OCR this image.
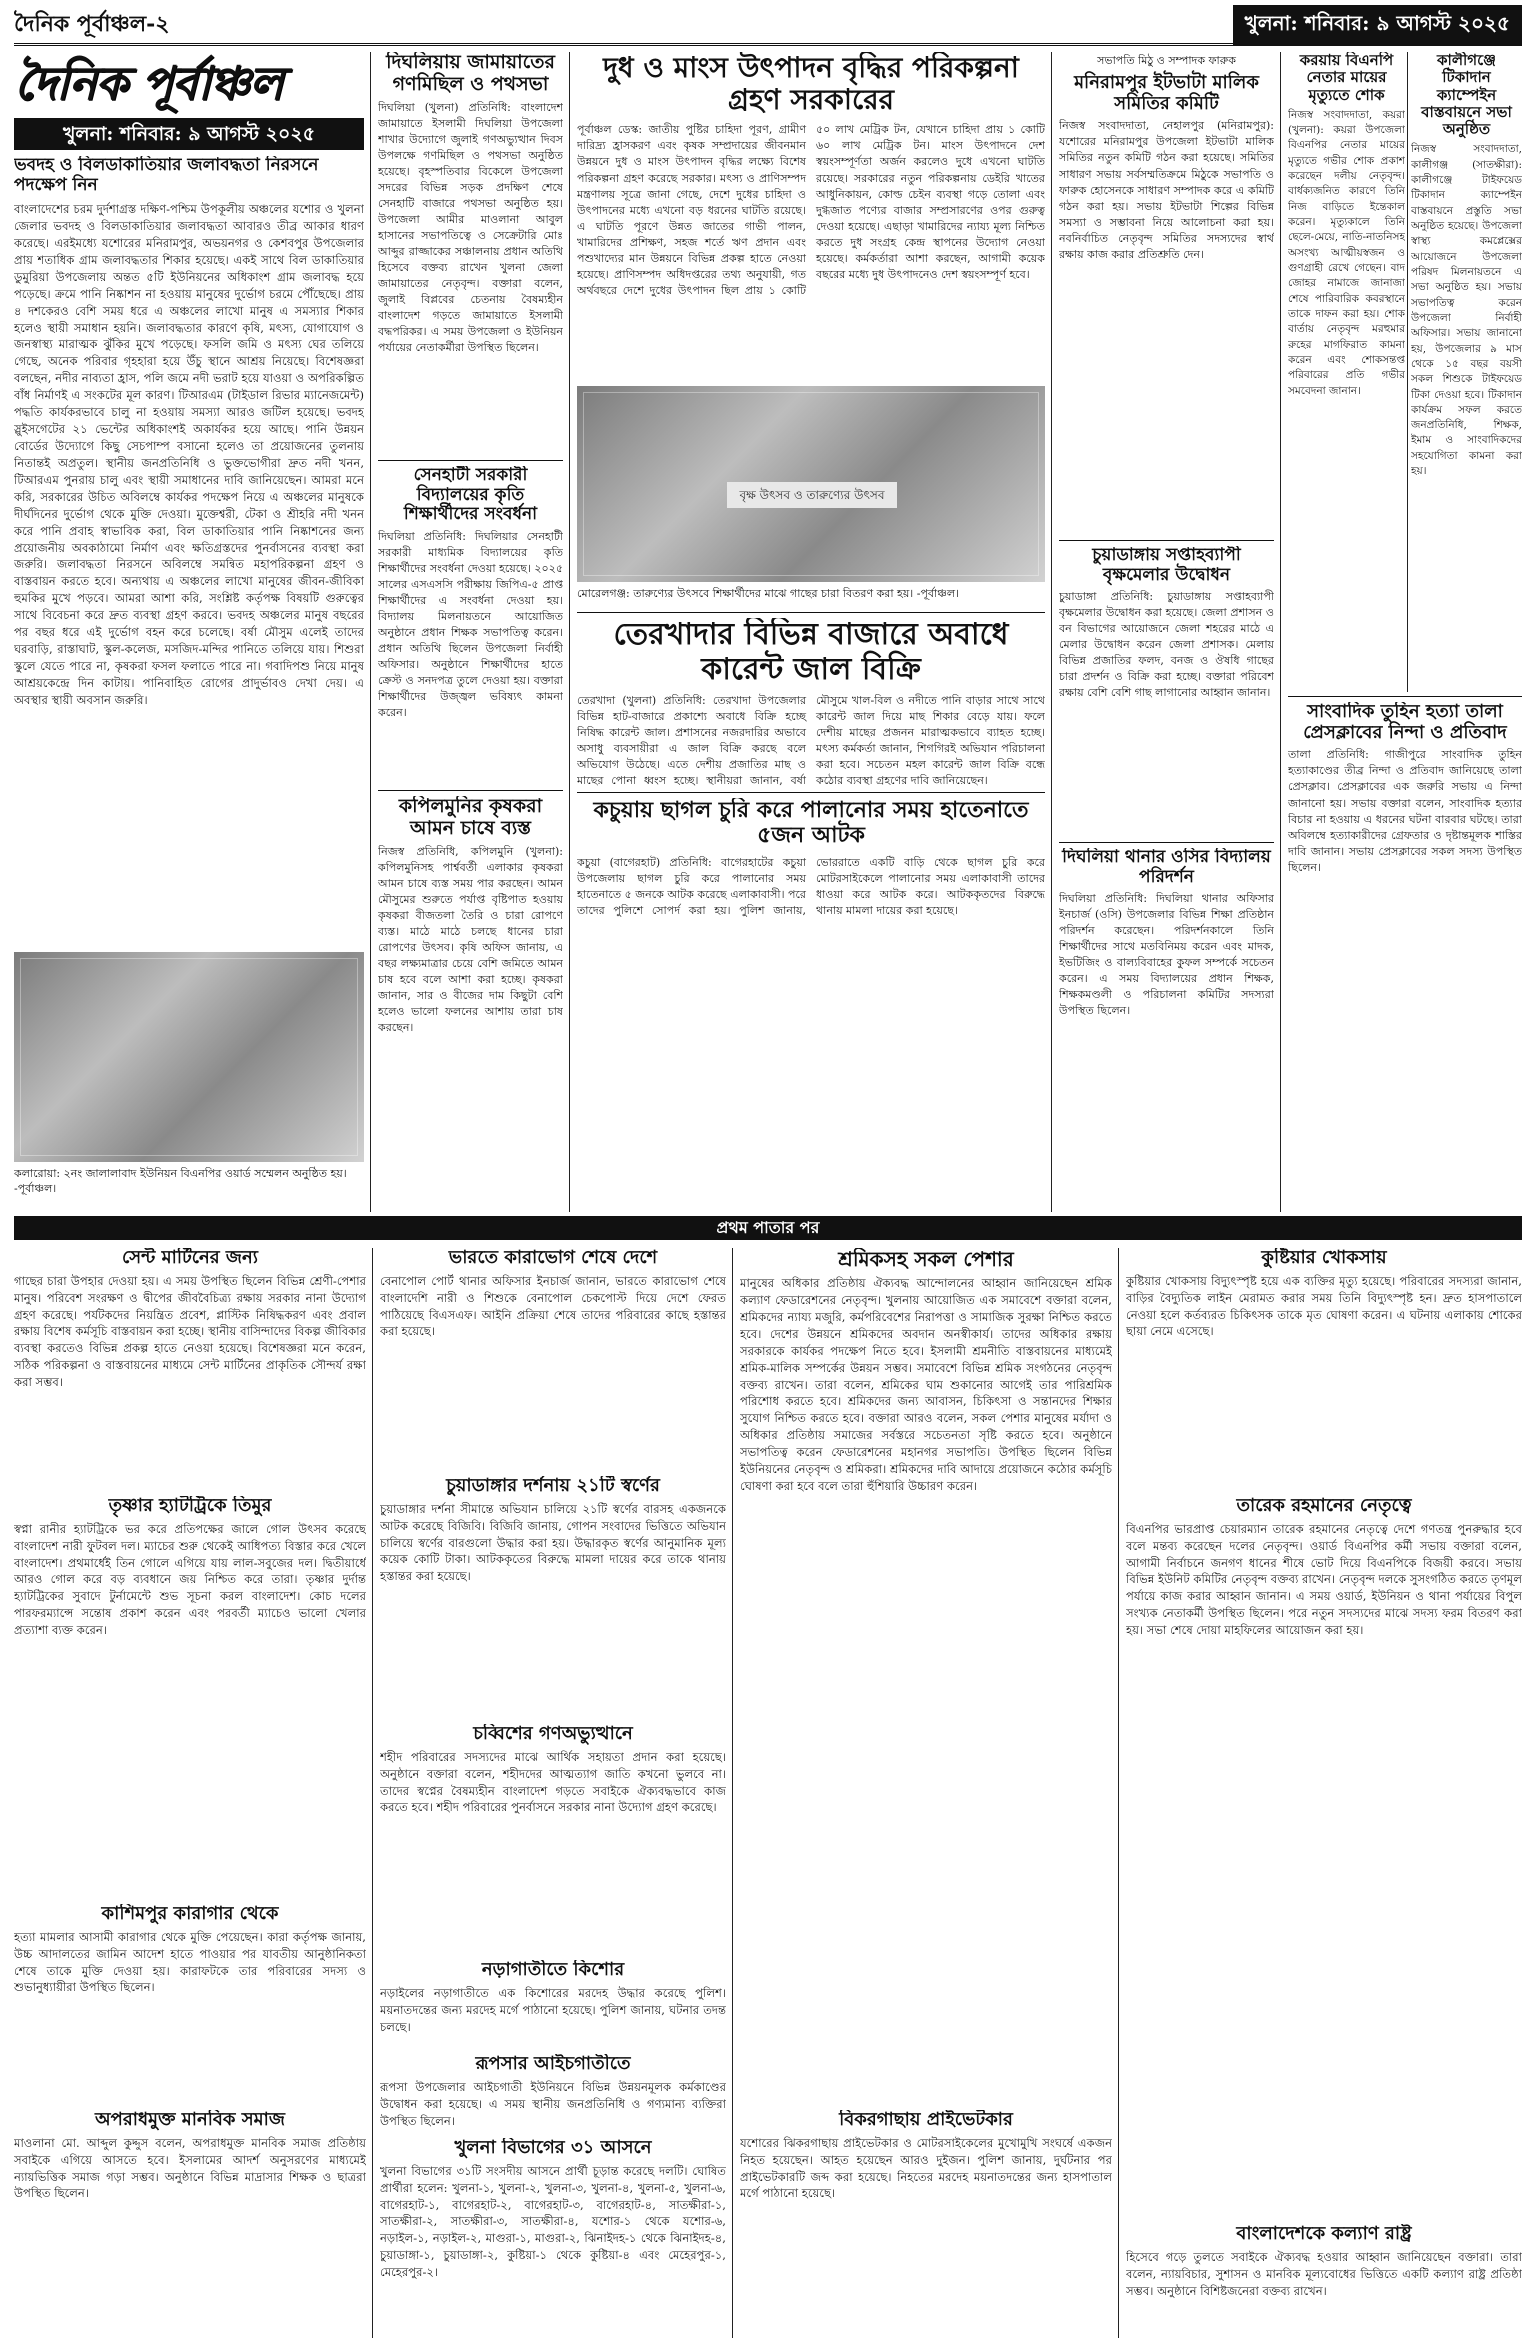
দৈনিক পূর্বাঞ্চল-২	খুলনা: শনিবার: ৯ আগস্ট ২০২৫
দৈনিক পূর্বাঞ্চল
খুলনা: শনিবার: ৯ আগস্ট ২০২৫
ভবদহ ও বিলডাকাতিয়ার জলাবদ্ধতা নিরসনে পদক্ষেপ নিন
বাংলাদেশের চরম দুর্দশাগ্রস্ত দক্ষিণ-পশ্চিম উপকূলীয় অঞ্চলের যশোর ও খুলনা জেলার ভবদহ ও বিলডাকাতিয়ার জলাবদ্ধতা আবারও তীব্র আকার ধারণ করেছে। এরইমধ্যে যশোরের মনিরামপুর, অভয়নগর ও কেশবপুর উপজেলার প্রায় শতাধিক গ্রাম জলাবদ্ধতার শিকার হয়েছে। একই সাথে বিল ডাকাতিয়ার ডুমুরিয়া উপজেলায় অন্তত ৫টি ইউনিয়নের অধিকাংশ গ্রাম জলাবদ্ধ হয়ে পড়েছে। ক্রমে পানি নিষ্কাশন না হওয়ায় মানুষের দুর্ভোগ চরমে পৌঁছেছে। প্রায় ৪ দশকেরও বেশি সময় ধরে এ অঞ্চলের লাখো মানুষ এ সমস্যার শিকার হলেও স্থায়ী সমাধান হয়নি। জলাবদ্ধতার কারণে কৃষি, মৎস্য, যোগাযোগ ও জনস্বাস্থ্য মারাত্মক ঝুঁকির মুখে পড়েছে। ফসলি জমি ও মৎস্য ঘের তলিয়ে গেছে, অনেক পরিবার গৃহহারা হয়ে উঁচু স্থানে আশ্রয় নিয়েছে। বিশেষজ্ঞরা বলছেন, নদীর নাব্যতা হ্রাস, পলি জমে নদী ভরাট হয়ে যাওয়া ও অপরিকল্পিত বাঁধ নির্মাণই এ সংকটের মূল কারণ। টিআরএম (টাইডাল রিভার ম্যানেজমেন্ট) পদ্ধতি কার্যকরভাবে চালু না হওয়ায় সমস্যা আরও জটিল হয়েছে। ভবদহ স্লুইসগেটের ২১ ভেন্টের অধিকাংশই অকার্যকর হয়ে আছে। পানি উন্নয়ন বোর্ডের উদ্যোগে কিছু সেচপাম্প বসানো হলেও তা প্রয়োজনের তুলনায় নিতান্তই অপ্রতুল। স্থানীয় জনপ্রতিনিধি ও ভুক্তভোগীরা দ্রুত নদী খনন, টিআরএম পুনরায় চালু এবং স্থায়ী সমাধানের দাবি জানিয়েছেন। আমরা মনে করি, সরকারের উচিত অবিলম্বে কার্যকর পদক্ষেপ নিয়ে এ অঞ্চলের মানুষকে দীর্ঘদিনের দুর্ভোগ থেকে মুক্তি দেওয়া। মুক্তেশ্বরী, টেকা ও শ্রীহরি নদী খনন করে পানি প্রবাহ স্বাভাবিক করা, বিল ডাকাতিয়ার পানি নিষ্কাশনের জন্য প্রয়োজনীয় অবকাঠামো নির্মাণ এবং ক্ষতিগ্রস্তদের পুনর্বাসনের ব্যবস্থা করা জরুরি। জলাবদ্ধতা নিরসনে অবিলম্বে সমন্বিত মহাপরিকল্পনা গ্রহণ ও বাস্তবায়ন করতে হবে। অন্যথায় এ অঞ্চলের লাখো মানুষের জীবন-জীবিকা হুমকির মুখে পড়বে। আমরা আশা করি, সংশ্লিষ্ট কর্তৃপক্ষ বিষয়টি গুরুত্বের সাথে বিবেচনা করে দ্রুত ব্যবস্থা গ্রহণ করবে। ভবদহ অঞ্চলের মানুষ বছরের পর বছর ধরে এই দুর্ভোগ বহন করে চলেছে। বর্ষা মৌসুম এলেই তাদের ঘরবাড়ি, রাস্তাঘাট, স্কুল-কলেজ, মসজিদ-মন্দির পানিতে তলিয়ে যায়। শিশুরা স্কুলে যেতে পারে না, কৃষকরা ফসল ফলাতে পারে না। গবাদিপশু নিয়ে মানুষ আশ্রয়কেন্দ্রে দিন কাটায়। পানিবাহিত রোগের প্রাদুর্ভাবও দেখা দেয়। এ অবস্থার স্থায়ী অবসান জরুরি।
কলারোয়া: ২নং জালালাবাদ ইউনিয়ন বিএনপির ওয়ার্ড সম্মেলন অনুষ্ঠিত হয়। -পূর্বাঞ্চল।
দিঘলিয়ায় জামায়াতের গণমিছিল ও পথসভা
দিঘলিয়া (খুলনা) প্রতিনিধি: বাংলাদেশ জামায়াতে ইসলামী দিঘলিয়া উপজেলা শাখার উদ্যোগে জুলাই গণঅভ্যুত্থান দিবস উপলক্ষে গণমিছিল ও পথসভা অনুষ্ঠিত হয়েছে। বৃহস্পতিবার বিকেলে উপজেলা সদরের বিভিন্ন সড়ক প্রদক্ষিণ শেষে সেনহাটি বাজারে পথসভা অনুষ্ঠিত হয়। উপজেলা আমীর মাওলানা আবুল হাসানের সভাপতিত্বে ও সেক্রেটারি মোঃ আব্দুর রাজ্জাকের সঞ্চালনায় প্রধান অতিথি হিসেবে বক্তব্য রাখেন খুলনা জেলা জামায়াতের নেতৃবৃন্দ। বক্তারা বলেন, জুলাই বিপ্লবের চেতনায় বৈষম্যহীন বাংলাদেশ গড়তে জামায়াতে ইসলামী বদ্ধপরিকর। এ সময় উপজেলা ও ইউনিয়ন পর্যায়ের নেতাকর্মীরা উপস্থিত ছিলেন।
সেনহাটী সরকারী বিদ্যালয়ের কৃতি শিক্ষার্থীদের সংবর্ধনা
দিঘলিয়া প্রতিনিধি: দিঘলিয়ার সেনহাটী সরকারী মাধ্যমিক বিদ্যালয়ের কৃতি শিক্ষার্থীদের সংবর্ধনা দেওয়া হয়েছে। ২০২৫ সালের এসএসসি পরীক্ষায় জিপিএ-৫ প্রাপ্ত শিক্ষার্থীদের এ সংবর্ধনা দেওয়া হয়। বিদ্যালয় মিলনায়তনে আয়োজিত অনুষ্ঠানে প্রধান শিক্ষক সভাপতিত্ব করেন। প্রধান অতিথি ছিলেন উপজেলা নির্বাহী অফিসার। অনুষ্ঠানে শিক্ষার্থীদের হাতে ক্রেস্ট ও সনদপত্র তুলে দেওয়া হয়। বক্তারা শিক্ষার্থীদের উজ্জ্বল ভবিষ্যৎ কামনা করেন।
কপিলমুনির কৃষকরা আমন চাষে ব্যস্ত
নিজস্ব প্রতিনিধি, কপিলমুনি (খুলনা): কপিলমুনিসহ পার্শ্ববর্তী এলাকার কৃষকরা আমন চাষে ব্যস্ত সময় পার করছেন। আমন মৌসুমের শুরুতে পর্যাপ্ত বৃষ্টিপাত হওয়ায় কৃষকরা বীজতলা তৈরি ও চারা রোপণে ব্যস্ত। মাঠে মাঠে চলছে ধানের চারা রোপণের উৎসব। কৃষি অফিস জানায়, এ বছর লক্ষ্যমাত্রার চেয়ে বেশি জমিতে আমন চাষ হবে বলে আশা করা হচ্ছে। কৃষকরা জানান, সার ও বীজের দাম কিছুটা বেশি হলেও ভালো ফলনের আশায় তারা চাষ করছেন।
দুধ ও মাংস উৎপাদন বৃদ্ধির পরিকল্পনা গ্রহণ সরকারের
পূর্বাঞ্চল ডেস্ক: জাতীয় পুষ্টির চাহিদা পূরণ, গ্রামীণ দারিদ্র্য হ্রাসকরণ এবং কৃষক সম্প্রদায়ের জীবনমান উন্নয়নে দুধ ও মাংস উৎপাদন বৃদ্ধির লক্ষ্যে বিশেষ পরিকল্পনা গ্রহণ করেছে সরকার। মৎস্য ও প্রাণিসম্পদ মন্ত্রণালয় সূত্রে জানা গেছে, দেশে দুধের চাহিদা ও উৎপাদনের মধ্যে এখনো বড় ধরনের ঘাটতি রয়েছে। এ ঘাটতি পূরণে উন্নত জাতের গাভী পালন, খামারিদের প্রশিক্ষণ, সহজ শর্তে ঋণ প্রদান এবং পশুখাদ্যের মান উন্নয়নে বিভিন্ন প্রকল্প হাতে নেওয়া হয়েছে। প্রাণিসম্পদ অধিদপ্তরের তথ্য অনুযায়ী, গত অর্থবছরে দেশে দুধের উৎপাদন ছিল প্রায় ১ কোটি ৫০ লাখ মেট্রিক টন, যেখানে চাহিদা প্রায় ১ কোটি ৬০ লাখ মেট্রিক টন। মাংস উৎপাদনে দেশ স্বয়ংসম্পূর্ণতা অর্জন করলেও দুধে এখনো ঘাটতি রয়েছে। সরকারের নতুন পরিকল্পনায় ডেইরি খাতের আধুনিকায়ন, কোল্ড চেইন ব্যবস্থা গড়ে তোলা এবং দুগ্ধজাত পণ্যের বাজার সম্প্রসারণের ওপর গুরুত্ব দেওয়া হয়েছে। এছাড়া খামারিদের ন্যায্য মূল্য নিশ্চিত করতে দুধ সংগ্রহ কেন্দ্র স্থাপনের উদ্যোগ নেওয়া হয়েছে। কর্মকর্তারা আশা করছেন, আগামী কয়েক বছরের মধ্যে দুধ উৎপাদনেও দেশ স্বয়ংসম্পূর্ণ হবে।
বৃক্ষ উৎসব ও তারুণ্যের উৎসব
মোরেলগঞ্জ: তারুণ্যের উৎসবে শিক্ষার্থীদের মাঝে গাছের চারা বিতরণ করা হয়। -পূর্বাঞ্চল।
তেরখাদার বিভিন্ন বাজারে অবাধে কারেন্ট জাল বিক্রি
তেরখাদা (খুলনা) প্রতিনিধি: তেরখাদা উপজেলার বিভিন্ন হাট-বাজারে প্রকাশ্যে অবাধে বিক্রি হচ্ছে নিষিদ্ধ কারেন্ট জাল। প্রশাসনের নজরদারির অভাবে অসাধু ব্যবসায়ীরা এ জাল বিক্রি করছে বলে অভিযোগ উঠেছে। এতে দেশীয় প্রজাতির মাছ ও মাছের পোনা ধ্বংস হচ্ছে। স্থানীয়রা জানান, বর্ষা মৌসুমে খাল-বিল ও নদীতে পানি বাড়ার সাথে সাথে কারেন্ট জাল দিয়ে মাছ শিকার বেড়ে যায়। ফলে দেশীয় মাছের প্রজনন মারাত্মকভাবে ব্যাহত হচ্ছে। মৎস্য কর্মকর্তা জানান, শিগগিরই অভিযান পরিচালনা করা হবে। সচেতন মহল কারেন্ট জাল বিক্রি বন্ধে কঠোর ব্যবস্থা গ্রহণের দাবি জানিয়েছেন।
কচুয়ায় ছাগল চুরি করে পালানোর সময় হাতেনাতে ৫জন আটক
কচুয়া (বাগেরহাট) প্রতিনিধি: বাগেরহাটের কচুয়া উপজেলায় ছাগল চুরি করে পালানোর সময় হাতেনাতে ৫ জনকে আটক করেছে এলাকাবাসী। পরে তাদের পুলিশে সোপর্দ করা হয়। পুলিশ জানায়, ভোররাতে একটি বাড়ি থেকে ছাগল চুরি করে মোটরসাইকেলে পালানোর সময় এলাকাবাসী তাদের ধাওয়া করে আটক করে। আটককৃতদের বিরুদ্ধে থানায় মামলা দায়ের করা হয়েছে।
সভাপতি মিঠু ও সম্পাদক ফারুক
মনিরামপুর ইটভাটা মালিক সমিতির কমিটি
নিজস্ব সংবাদদাতা, নেহালপুর (মনিরামপুর): যশোরের মনিরামপুর উপজেলা ইটভাটা মালিক সমিতির নতুন কমিটি গঠন করা হয়েছে। সমিতির সাধারণ সভায় সর্বসম্মতিক্রমে মিঠুকে সভাপতি ও ফারুক হোসেনকে সাধারণ সম্পাদক করে এ কমিটি গঠন করা হয়। সভায় ইটভাটা শিল্পের বিভিন্ন সমস্যা ও সম্ভাবনা নিয়ে আলোচনা করা হয়। নবনির্বাচিত নেতৃবৃন্দ সমিতির সদস্যদের স্বার্থ রক্ষায় কাজ করার প্রতিশ্রুতি দেন।
চুয়াডাঙ্গায় সপ্তাহব্যাপী বৃক্ষমেলার উদ্বোধন
চুয়াডাঙ্গা প্রতিনিধি: চুয়াডাঙ্গায় সপ্তাহব্যাপী বৃক্ষমেলার উদ্বোধন করা হয়েছে। জেলা প্রশাসন ও বন বিভাগের আয়োজনে জেলা শহরের মাঠে এ মেলার উদ্বোধন করেন জেলা প্রশাসক। মেলায় বিভিন্ন প্রজাতির ফলদ, বনজ ও ঔষধি গাছের চারা প্রদর্শন ও বিক্রি করা হচ্ছে। বক্তারা পরিবেশ রক্ষায় বেশি বেশি গাছ লাগানোর আহ্বান জানান।
দিঘলিয়া থানার ওসির বিদ্যালয় পরিদর্শন
দিঘলিয়া প্রতিনিধি: দিঘলিয়া থানার অফিসার ইনচার্জ (ওসি) উপজেলার বিভিন্ন শিক্ষা প্রতিষ্ঠান পরিদর্শন করেছেন। পরিদর্শনকালে তিনি শিক্ষার্থীদের সাথে মতবিনিময় করেন এবং মাদক, ইভটিজিং ও বাল্যবিবাহের কুফল সম্পর্কে সচেতন করেন। এ সময় বিদ্যালয়ের প্রধান শিক্ষক, শিক্ষকমণ্ডলী ও পরিচালনা কমিটির সদস্যরা উপস্থিত ছিলেন।
করয়ায় বিএনপি নেতার মায়ের মৃত্যুতে শোক
নিজস্ব সংবাদদাতা, কয়রা (খুলনা): কয়রা উপজেলা বিএনপির নেতার মায়ের মৃত্যুতে গভীর শোক প্রকাশ করেছেন দলীয় নেতৃবৃন্দ। বার্ধক্যজনিত কারণে তিনি নিজ বাড়িতে ইন্তেকাল করেন। মৃত্যুকালে তিনি ছেলে-মেয়ে, নাতি-নাতনিসহ অসংখ্য আত্মীয়স্বজন ও গুণগ্রাহী রেখে গেছেন। বাদ জোহর নামাজে জানাজা শেষে পারিবারিক কবরস্থানে তাকে দাফন করা হয়। শোক বার্তায় নেতৃবৃন্দ মরহুমার রুহের মাগফিরাত কামনা করেন এবং শোকসন্তপ্ত পরিবারের প্রতি গভীর সমবেদনা জানান।
কালীগঞ্জে টিকাদান ক্যাম্পেইন বাস্তবায়নে সভা অনুষ্ঠিত
নিজস্ব সংবাদদাতা, কালীগঞ্জ (সাতক্ষীরা): কালীগঞ্জে টাইফয়েড টিকাদান ক্যাম্পেইন বাস্তবায়নে প্রস্তুতি সভা অনুষ্ঠিত হয়েছে। উপজেলা স্বাস্থ্য কমপ্লেক্সের আয়োজনে উপজেলা পরিষদ মিলনায়তনে এ সভা অনুষ্ঠিত হয়। সভায় সভাপতিত্ব করেন উপজেলা নির্বাহী অফিসার। সভায় জানানো হয়, উপজেলার ৯ মাস থেকে ১৫ বছর বয়সী সকল শিশুকে টাইফয়েড টিকা দেওয়া হবে। টিকাদান কার্যক্রম সফল করতে জনপ্রতিনিধি, শিক্ষক, ইমাম ও সাংবাদিকদের সহযোগিতা কামনা করা হয়।
সাংবাদিক তুহিন হত্যা তালা প্রেসক্লাবের নিন্দা ও প্রতিবাদ
তালা প্রতিনিধি: গাজীপুরে সাংবাদিক তুহিন হত্যাকাণ্ডের তীব্র নিন্দা ও প্রতিবাদ জানিয়েছে তালা প্রেসক্লাব। প্রেসক্লাবের এক জরুরি সভায় এ নিন্দা জানানো হয়। সভায় বক্তারা বলেন, সাংবাদিক হত্যার বিচার না হওয়ায় এ ধরনের ঘটনা বারবার ঘটছে। তারা অবিলম্বে হত্যাকারীদের গ্রেফতার ও দৃষ্টান্তমূলক শাস্তির দাবি জানান। সভায় প্রেসক্লাবের সকল সদস্য উপস্থিত ছিলেন।
প্রথম পাতার পর
সেন্ট মার্টিনের জন্য
গাছের চারা উপহার দেওয়া হয়। এ সময় উপস্থিত ছিলেন বিভিন্ন শ্রেণী-পেশার মানুষ। পরিবেশ সংরক্ষণ ও দ্বীপের জীববৈচিত্র্য রক্ষায় সরকার নানা উদ্যোগ গ্রহণ করেছে। পর্যটকদের নিয়ন্ত্রিত প্রবেশ, প্লাস্টিক নিষিদ্ধকরণ এবং প্রবাল রক্ষায় বিশেষ কর্মসূচি বাস্তবায়ন করা হচ্ছে। স্থানীয় বাসিন্দাদের বিকল্প জীবিকার ব্যবস্থা করতেও বিভিন্ন প্রকল্প হাতে নেওয়া হয়েছে। বিশেষজ্ঞরা মনে করেন, সঠিক পরিকল্পনা ও বাস্তবায়নের মাধ্যমে সেন্ট মার্টিনের প্রাকৃতিক সৌন্দর্য রক্ষা করা সম্ভব।
তৃষ্ণার হ্যাটট্রিকে তিমুর
স্বপ্না রানীর হ্যাটট্রিকে ভর করে প্রতিপক্ষের জালে গোল উৎসব করেছে বাংলাদেশ নারী ফুটবল দল। ম্যাচের শুরু থেকেই আধিপত্য বিস্তার করে খেলে বাংলাদেশ। প্রথমার্ধেই তিন গোলে এগিয়ে যায় লাল-সবুজের দল। দ্বিতীয়ার্ধে আরও গোল করে বড় ব্যবধানে জয় নিশ্চিত করে তারা। তৃষ্ণার দুর্দান্ত হ্যাটট্রিকের সুবাদে টুর্নামেন্টে শুভ সূচনা করল বাংলাদেশ। কোচ দলের পারফরম্যান্সে সন্তোষ প্রকাশ করেন এবং পরবর্তী ম্যাচেও ভালো খেলার প্রত্যাশা ব্যক্ত করেন।
কাশিমপুর কারাগার থেকে
হত্যা মামলার আসামী কারাগার থেকে মুক্তি পেয়েছেন। কারা কর্তৃপক্ষ জানায়, উচ্চ আদালতের জামিন আদেশ হাতে পাওয়ার পর যাবতীয় আনুষ্ঠানিকতা শেষে তাকে মুক্তি দেওয়া হয়। কারাফটকে তার পরিবারের সদস্য ও শুভানুধ্যায়ীরা উপস্থিত ছিলেন।
অপরাধমুক্ত মানবিক সমাজ
মাওলানা মো. আব্দুল কুদ্দুস বলেন, অপরাধমুক্ত মানবিক সমাজ প্রতিষ্ঠায় সবাইকে এগিয়ে আসতে হবে। ইসলামের আদর্শ অনুসরণের মাধ্যমেই ন্যায়ভিত্তিক সমাজ গড়া সম্ভব। অনুষ্ঠানে বিভিন্ন মাদ্রাসার শিক্ষক ও ছাত্ররা উপস্থিত ছিলেন।
ভারতে কারাভোগ শেষে দেশে
বেনাপোল পোর্ট থানার অফিসার ইনচার্জ জানান, ভারতে কারাভোগ শেষে বাংলাদেশি নারী ও শিশুকে বেনাপোল চেকপোস্ট দিয়ে দেশে ফেরত পাঠিয়েছে বিএসএফ। আইনি প্রক্রিয়া শেষে তাদের পরিবারের কাছে হস্তান্তর করা হয়েছে।
চুয়াডাঙ্গার দর্শনায় ২১টি স্বর্ণের
চুয়াডাঙ্গার দর্শনা সীমান্তে অভিযান চালিয়ে ২১টি স্বর্ণের বারসহ একজনকে আটক করেছে বিজিবি। বিজিবি জানায়, গোপন সংবাদের ভিত্তিতে অভিযান চালিয়ে স্বর্ণের বারগুলো উদ্ধার করা হয়। উদ্ধারকৃত স্বর্ণের আনুমানিক মূল্য কয়েক কোটি টাকা। আটককৃতের বিরুদ্ধে মামলা দায়ের করে তাকে থানায় হস্তান্তর করা হয়েছে।
চব্বিশের গণঅভ্যুত্থানে
শহীদ পরিবারের সদস্যদের মাঝে আর্থিক সহায়তা প্রদান করা হয়েছে। অনুষ্ঠানে বক্তারা বলেন, শহীদদের আত্মত্যাগ জাতি কখনো ভুলবে না। তাদের স্বপ্নের বৈষম্যহীন বাংলাদেশ গড়তে সবাইকে ঐক্যবদ্ধভাবে কাজ করতে হবে। শহীদ পরিবারের পুনর্বাসনে সরকার নানা উদ্যোগ গ্রহণ করেছে।
নড়াগাতীতে কিশোর
নড়াইলের নড়াগাতীতে এক কিশোরের মরদেহ উদ্ধার করেছে পুলিশ। ময়নাতদন্তের জন্য মরদেহ মর্গে পাঠানো হয়েছে। পুলিশ জানায়, ঘটনার তদন্ত চলছে।
রূপসার আইচগাতীতে
রূপসা উপজেলার আইচগাতী ইউনিয়নে বিভিন্ন উন্নয়নমূলক কর্মকাণ্ডের উদ্বোধন করা হয়েছে। এ সময় স্থানীয় জনপ্রতিনিধি ও গণ্যমান্য ব্যক্তিরা উপস্থিত ছিলেন।
খুলনা বিভাগের ৩১ আসনে
খুলনা বিভাগের ৩১টি সংসদীয় আসনে প্রার্থী চূড়ান্ত করেছে দলটি। ঘোষিত প্রার্থীরা হলেন: খুলনা-১, খুলনা-২, খুলনা-৩, খুলনা-৪, খুলনা-৫, খুলনা-৬, বাগেরহাট-১, বাগেরহাট-২, বাগেরহাট-৩, বাগেরহাট-৪, সাতক্ষীরা-১, সাতক্ষীরা-২, সাতক্ষীরা-৩, সাতক্ষীরা-৪, যশোর-১ থেকে যশোর-৬, নড়াইল-১, নড়াইল-২, মাগুরা-১, মাগুরা-২, ঝিনাইদহ-১ থেকে ঝিনাইদহ-৪, চুয়াডাঙ্গা-১, চুয়াডাঙ্গা-২, কুষ্টিয়া-১ থেকে কুষ্টিয়া-৪ এবং মেহেরপুর-১, মেহেরপুর-২।
বিকরগাছায় প্রাইভেটকার
যশোরের ঝিকরগাছায় প্রাইভেটকার ও মোটরসাইকেলের মুখোমুখি সংঘর্ষে একজন নিহত হয়েছেন। আহত হয়েছেন আরও দুইজন। পুলিশ জানায়, দুর্ঘটনার পর প্রাইভেটকারটি জব্দ করা হয়েছে। নিহতের মরদেহ ময়নাতদন্তের জন্য হাসপাতাল মর্গে পাঠানো হয়েছে।
শ্রমিকসহ সকল পেশার
মানুষের অধিকার প্রতিষ্ঠায় ঐক্যবদ্ধ আন্দোলনের আহ্বান জানিয়েছেন শ্রমিক কল্যাণ ফেডারেশনের নেতৃবৃন্দ। খুলনায় আয়োজিত এক সমাবেশে বক্তারা বলেন, শ্রমিকদের ন্যায্য মজুরি, কর্মপরিবেশের নিরাপত্তা ও সামাজিক সুরক্ষা নিশ্চিত করতে হবে। দেশের উন্নয়নে শ্রমিকদের অবদান অনস্বীকার্য। তাদের অধিকার রক্ষায় সরকারকে কার্যকর পদক্ষেপ নিতে হবে। ইসলামী শ্রমনীতি বাস্তবায়নের মাধ্যমেই শ্রমিক-মালিক সম্পর্কের উন্নয়ন সম্ভব। সমাবেশে বিভিন্ন শ্রমিক সংগঠনের নেতৃবৃন্দ বক্তব্য রাখেন। তারা বলেন, শ্রমিকের ঘাম শুকানোর আগেই তার পারিশ্রমিক পরিশোধ করতে হবে। শ্রমিকদের জন্য আবাসন, চিকিৎসা ও সন্তানদের শিক্ষার সুযোগ নিশ্চিত করতে হবে। বক্তারা আরও বলেন, সকল পেশার মানুষের মর্যাদা ও অধিকার প্রতিষ্ঠায় সমাজের সর্বস্তরে সচেতনতা সৃষ্টি করতে হবে। অনুষ্ঠানে সভাপতিত্ব করেন ফেডারেশনের মহানগর সভাপতি। উপস্থিত ছিলেন বিভিন্ন ইউনিয়নের নেতৃবৃন্দ ও শ্রমিকরা। শ্রমিকদের দাবি আদায়ে প্রয়োজনে কঠোর কর্মসূচি ঘোষণা করা হবে বলে তারা হুঁশিয়ারি উচ্চারণ করেন।
কুষ্টিয়ার খোকসায়
কুষ্টিয়ার খোকসায় বিদ্যুৎস্পৃষ্ট হয়ে এক ব্যক্তির মৃত্যু হয়েছে। পরিবারের সদস্যরা জানান, বাড়ির বৈদ্যুতিক লাইন মেরামত করার সময় তিনি বিদ্যুৎস্পৃষ্ট হন। দ্রুত হাসপাতালে নেওয়া হলে কর্তব্যরত চিকিৎসক তাকে মৃত ঘোষণা করেন। এ ঘটনায় এলাকায় শোকের ছায়া নেমে এসেছে।
তারেক রহমানের নেতৃত্বে
বিএনপির ভারপ্রাপ্ত চেয়ারম্যান তারেক রহমানের নেতৃত্বে দেশে গণতন্ত্র পুনরুদ্ধার হবে বলে মন্তব্য করেছেন দলের নেতৃবৃন্দ। ওয়ার্ড বিএনপির কর্মী সভায় বক্তারা বলেন, আগামী নির্বাচনে জনগণ ধানের শীষে ভোট দিয়ে বিএনপিকে বিজয়ী করবে। সভায় বিভিন্ন ইউনিট কমিটির নেতৃবৃন্দ বক্তব্য রাখেন। নেতৃবৃন্দ দলকে সুসংগঠিত করতে তৃণমূল পর্যায়ে কাজ করার আহ্বান জানান। এ সময় ওয়ার্ড, ইউনিয়ন ও থানা পর্যায়ের বিপুল সংখ্যক নেতাকর্মী উপস্থিত ছিলেন। পরে নতুন সদস্যদের মাঝে সদস্য ফরম বিতরণ করা হয়। সভা শেষে দোয়া মাহফিলের আয়োজন করা হয়।
বাংলাদেশকে কল্যাণ রাষ্ট্র
হিসেবে গড়ে তুলতে সবাইকে ঐক্যবদ্ধ হওয়ার আহ্বান জানিয়েছেন বক্তারা। তারা বলেন, ন্যায়বিচার, সুশাসন ও মানবিক মূল্যবোধের ভিত্তিতে একটি কল্যাণ রাষ্ট্র প্রতিষ্ঠা সম্ভব। অনুষ্ঠানে বিশিষ্টজনেরা বক্তব্য রাখেন।
